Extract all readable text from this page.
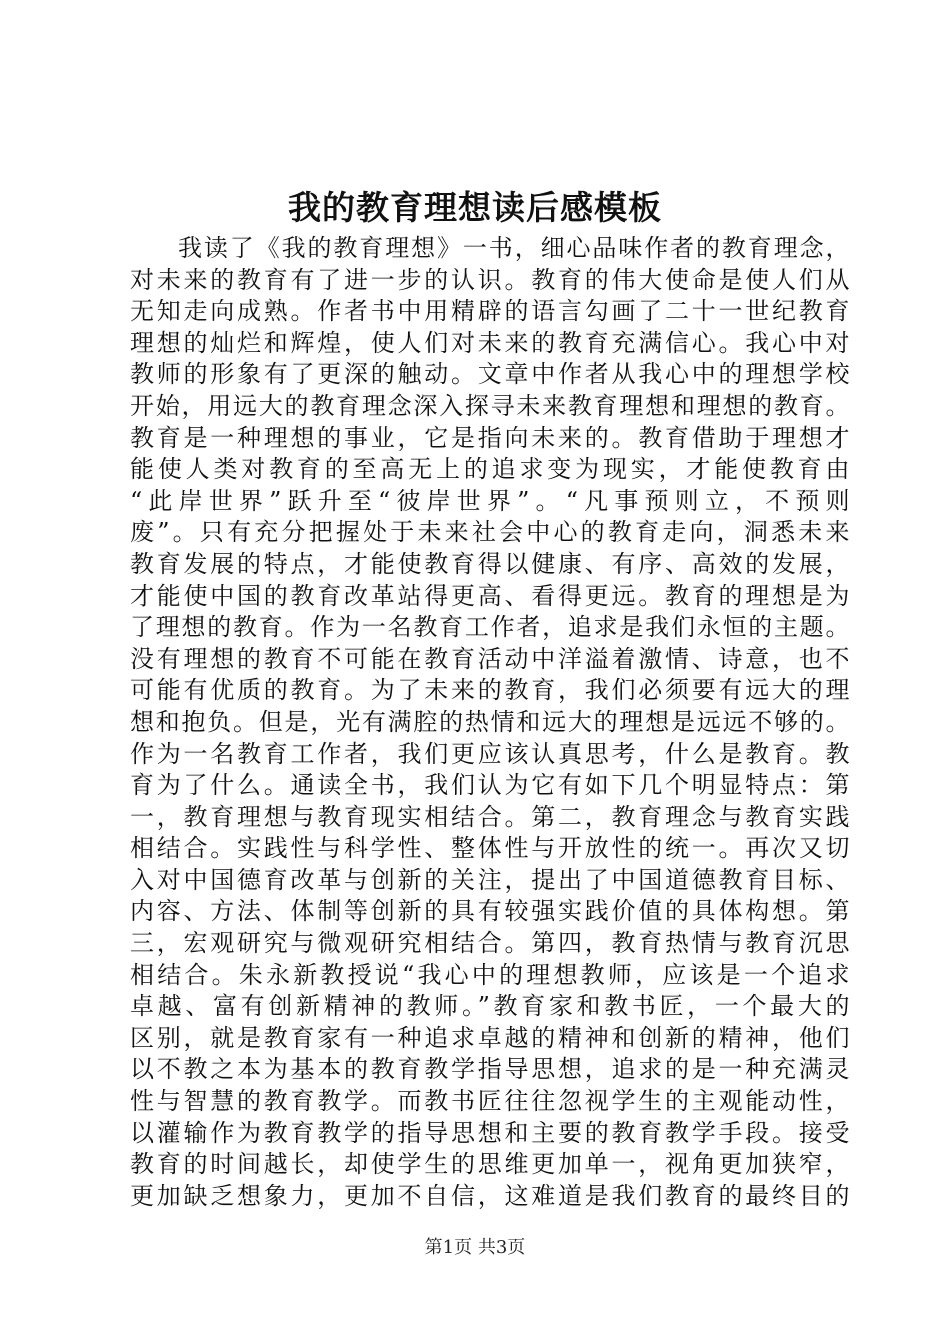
我的教育理想读后感模板
我读了《我的教育理想》一书，细心品味作者的教育理念，
对未来的教育有了进一步的认识。教育的伟大使命是使人们从
无知走向成熟。作者书中用精辟的语言勾画了二十一世纪教育
理想的灿烂和辉煌，使人们对未来的教育充满信心。我心中对
教师的形象有了更深的触动。文章中作者从我心中的理想学校
开始，用远大的教育理念深入探寻未来教育理想和理想的教育。
教育是一种理想的事业，它是指向未来的。教育借助于理想才
能使人类对教育的至高无上的追求变为现实，才能使教育由
“此岸世界”跃升至“彼岸世界”。“凡事预则立，不预则
废”。只有充分把握处于未来社会中心的教育走向，洞悉未来
教育发展的特点，才能使教育得以健康、有序、高效的发展，
才能使中国的教育改革站得更高、看得更远。教育的理想是为
了理想的教育。作为一名教育工作者，追求是我们永恒的主题。
没有理想的教育不可能在教育活动中洋溢着激情、诗意，也不
可能有优质的教育。为了未来的教育，我们必须要有远大的理
想和抱负。但是，光有满腔的热情和远大的理想是远远不够的。
作为一名教育工作者，我们更应该认真思考，什么是教育。教
育为了什么。通读全书，我们认为它有如下几个明显特点：第
一，教育理想与教育现实相结合。第二，教育理念与教育实践
相结合。实践性与科学性、整体性与开放性的统一。再次又切
入对中国德育改革与创新的关注，提出了中国道德教育目标、
内容、方法、体制等创新的具有较强实践价值的具体构想。第
三，宏观研究与微观研究相结合。第四，教育热情与教育沉思
相结合。朱永新教授说“我心中的理想教师，应该是一个追求
卓越、富有创新精神的教师。”教育家和教书匠，一个最大的
区别，就是教育家有一种追求卓越的精神和创新的精神，他们
以不教之本为基本的教育教学指导思想，追求的是一种充满灵
性与智慧的教育教学。而教书匠往往忽视学生的主观能动性，
以灌输作为教育教学的指导思想和主要的教育教学手段。接受
教育的时间越长，却使学生的思维更加单一，视角更加狭窄，
更加缺乏想象力，更加不自信，这难道是我们教育的最终目的
第1页 共3页
